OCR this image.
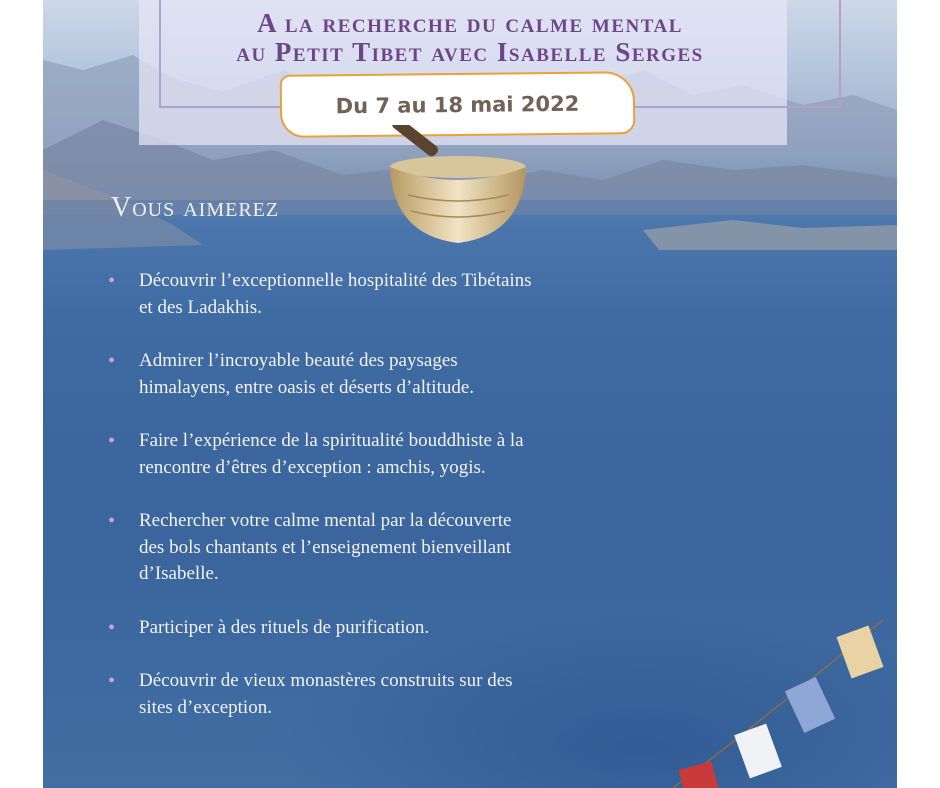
A la recherche du calme mental
au Petit Tibet avec Isabelle Serges
Du 7 au 18 mai 2022
Vous aimerez
• Découvrir l’exceptionnelle hospitalité des Tibétains et des Ladakhis.
• Admirer l’incroyable beauté des paysages himalayens, entre oasis et déserts d’altitude.
• Faire l’expérience de la spiritualité bouddhiste à la rencontre d’êtres d’exception : amchis, yogis.
• Rechercher votre calme mental par la découverte des bols chantants et l’enseignement bienveillant d’Isabelle.
• Participer à des rituels de purification.
• Découvrir de vieux monastères construits sur des sites d’exception.
